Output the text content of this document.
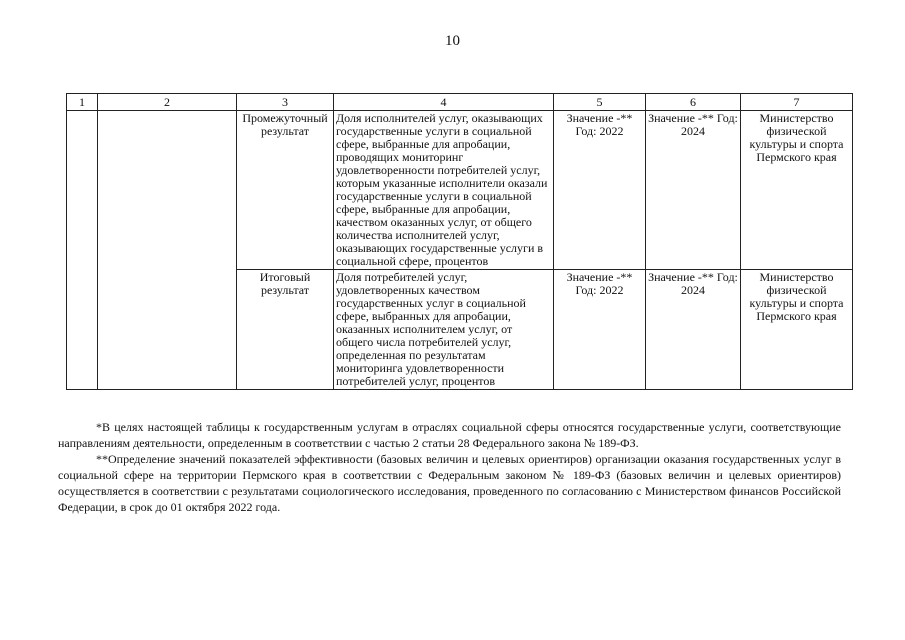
10
1	2	3	4	5	6	7
		Промежуточный результат	Доля исполнителей услуг, оказывающих государственные услуги в социальной сфере, выбранные для апробации, проводящих мониторинг удовлетворенности потребителей услуг, которым указанные исполнители оказали государственные услуги в социальной сфере, выбранные для апробации, качеством оказанных услуг, от общего количества исполнителей услуг, оказывающих государственные услуги в социальной сфере, процентов	Значение -** Год: 2022	Значение -** Год: 2024	Министерство физической культуры и спорта Пермского края
		Итоговый результат	Доля потребителей услуг, удовлетворенных качеством государственных услуг в социальной сфере, выбранных для апробации, оказанных исполнителем услуг, от общего числа потребителей услуг, определенная по результатам мониторинга удовлетворенности потребителей услуг, процентов	Значение -** Год: 2022	Значение -** Год: 2024	Министерство физической культуры и спорта Пермского края

*В целях настоящей таблицы к государственным услугам в отраслях социальной сферы относятся государственные услуги, соответствующие направлениям деятельности, определенным в соответствии с частью 2 статьи 28 Федерального закона № 189-ФЗ.

**Определение значений показателей эффективности (базовых величин и целевых ориентиров) организации оказания государственных услуг в социальной сфере на территории Пермского края в соответствии с Федеральным законом № 189-ФЗ (базовых величин и целевых ориентиров) осуществляется в соответствии с результатами социологического исследования, проведенного по согласованию с Министерством финансов Российской Федерации, в срок до 01 октября 2022 года.
